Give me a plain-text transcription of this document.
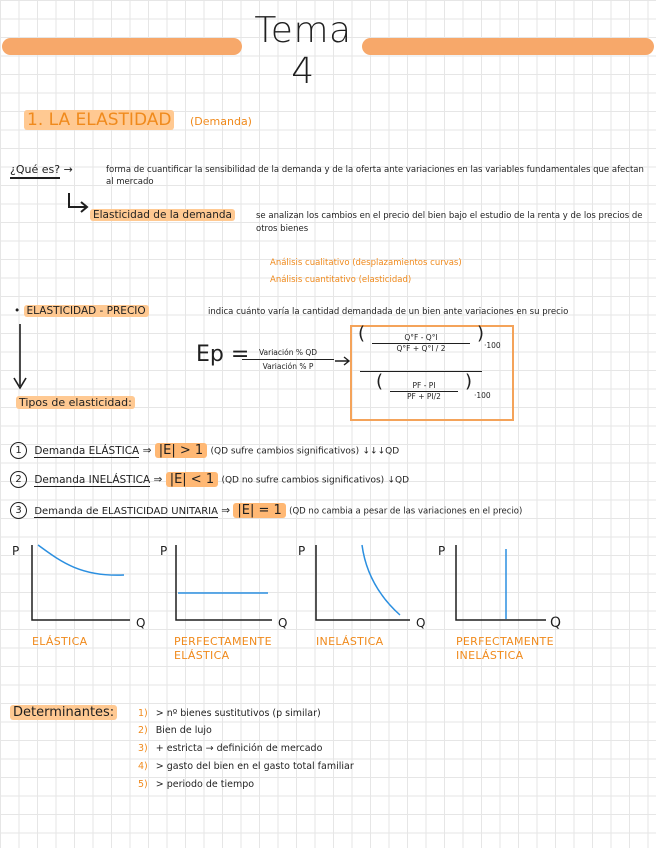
Tema 4
1. LA ELASTIDAD (Demanda)
¿Qué es? →	forma de cuantificar la sensibilidad de la demanda y de la oferta ante variaciones en las variables fundamentales que afectan al mercado
Elasticidad de la demanda	se analizan los cambios en el precio del bien bajo el estudio de la renta y de los precios de otros bienes
Análisis cualitativo (desplazamientos curvas)
Análisis cuantitativo (elasticidad)
• ELASTICIDAD - PRECIO	indica cuánto varía la cantidad demandada de un bien ante variaciones en su precio
Tipos de elasticidad:
Ep =	Variación % QD
Variación % P
(	Q°F - Q°I
Q°F + Q°I / 2
)
·100
(	PF - PI
PF + PI/2
)
·100
1 Demanda ELÁSTICA ⇒ |E| > 1 (QD sufre cambios significativos) ↓↓↓QD
2 Demanda INELÁSTICA ⇒ |E| < 1 (QD no sufre cambios significativos) ↓QD
3 Demanda de ELASTICIDAD UNITARIA ⇒ |E| = 1 (QD no cambia a pesar de las variaciones en el precio)
P
Q
P
Q
P
Q
P
Q
ELÁSTICA	PERFECTAMENTE ELÁSTICA
INELÁSTICA	PERFECTAMENTE INELÁSTICA
Determinantes:	1) > nº bienes sustitutivos (p similar)
2) Bien de lujo
3) + estricta → definición de mercado
4) > gasto del bien en el gasto total familiar
5) > periodo de tiempo
